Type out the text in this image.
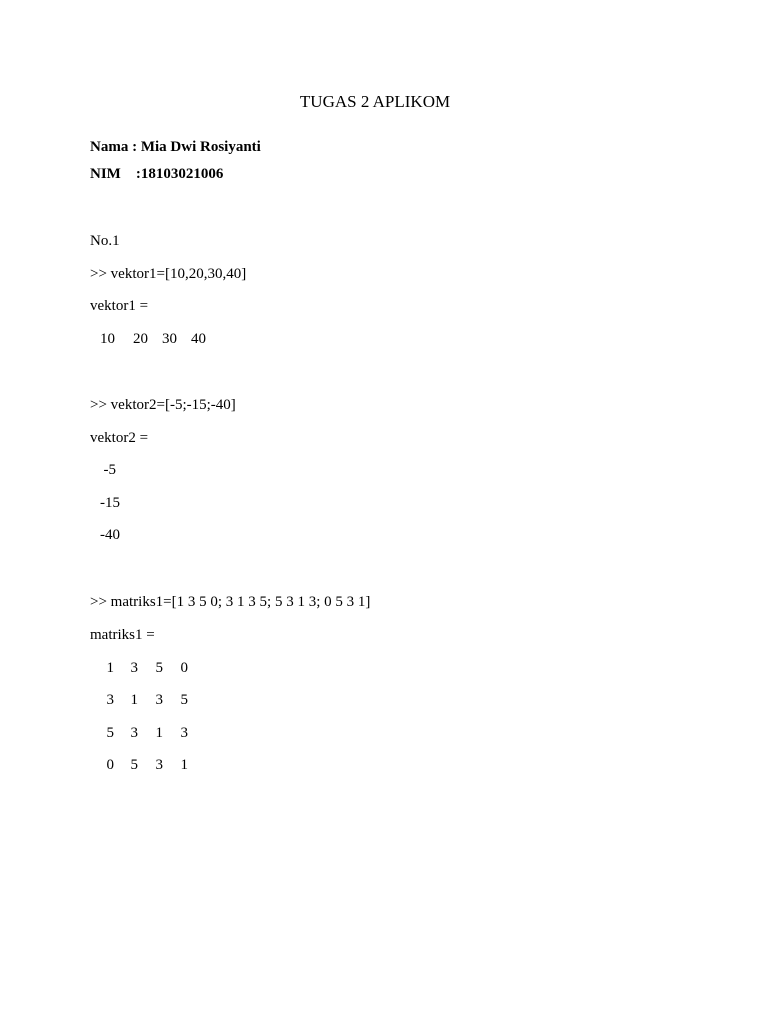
TUGAS 2 APLIKOM
Nama : Mia Dwi Rosiyanti
NIM    :18103021006
No.1
>> vektor1=[10,20,30,40]
vektor1 =
10	20 30 40
>> vektor2=[-5;-15;-40]
vektor2 =
-5
-15
-40
>> matriks1=[1 3 5 0; 3 1 3 5; 5 3 1 3; 0 5 3 1]
matriks1 =
1	3	5	0
3	1	3	5
5	3	1	3
0	5	3	1
